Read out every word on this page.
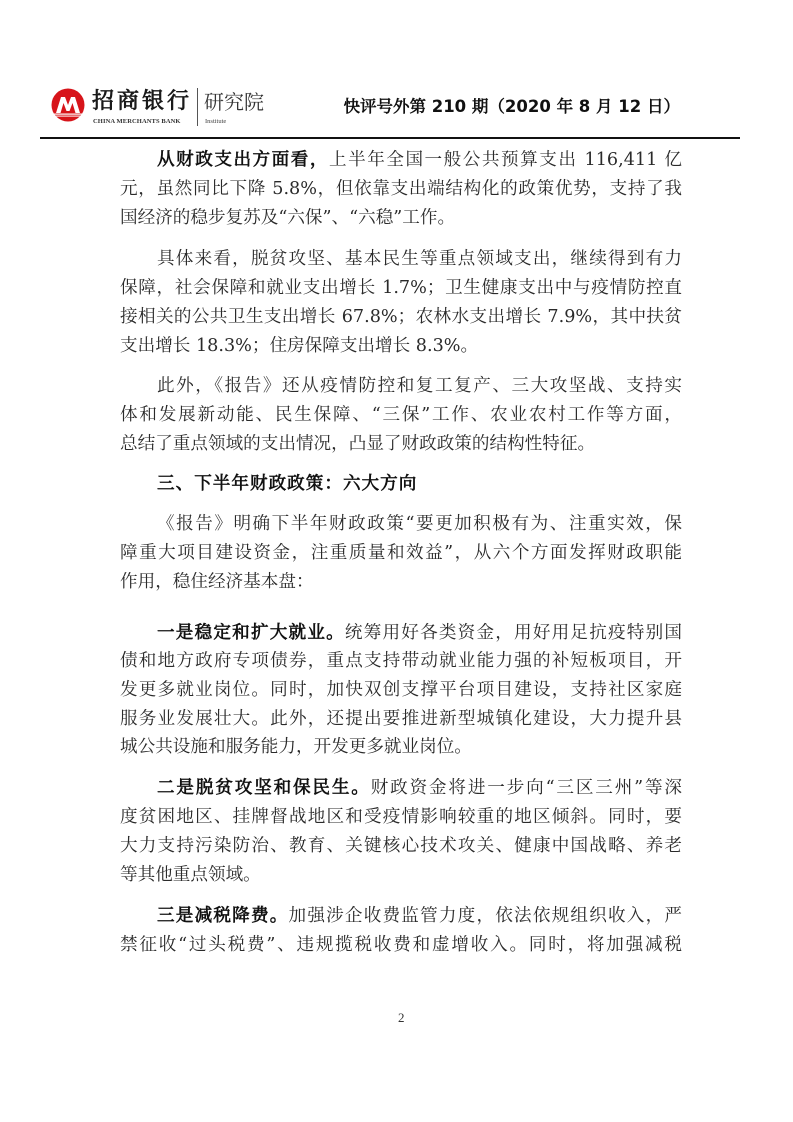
招商银行
CHINA MERCHANTS BANK
研究院
Institute
快评号外第 210 期（2020 年 8 月 12 日）
从财政支出方面看，上半年全国一般公共预算支出 116,411 亿
元，虽然同比下降 5.8%，但依靠支出端结构化的政策优势，支持了我
国经济的稳步复苏及“六保”、“六稳”工作。
具体来看，脱贫攻坚、基本民生等重点领域支出，继续得到有力
保障，社会保障和就业支出增长 1.7%；卫生健康支出中与疫情防控直
接相关的公共卫生支出增长 67.8%；农林水支出增长 7.9%，其中扶贫
支出增长 18.3%；住房保障支出增长 8.3%。
此外，《报告》还从疫情防控和复工复产、三大攻坚战、支持实
体和发展新动能、民生保障、“三保”工作、农业农村工作等方面，
总结了重点领域的支出情况，凸显了财政政策的结构性特征。
三、下半年财政政策：六大方向
《报告》明确下半年财政政策“要更加积极有为、注重实效，保
障重大项目建设资金，注重质量和效益”，从六个方面发挥财政职能
作用，稳住经济基本盘：
一是稳定和扩大就业。统筹用好各类资金，用好用足抗疫特别国
债和地方政府专项债券，重点支持带动就业能力强的补短板项目，开
发更多就业岗位。同时，加快双创支撑平台项目建设，支持社区家庭
服务业发展壮大。此外，还提出要推进新型城镇化建设，大力提升县
城公共设施和服务能力，开发更多就业岗位。
二是脱贫攻坚和保民生。财政资金将进一步向“三区三州”等深
度贫困地区、挂牌督战地区和受疫情影响较重的地区倾斜。同时，要
大力支持污染防治、教育、关键核心技术攻关、健康中国战略、养老
等其他重点领域。
三是减税降费。加强涉企收费监管力度，依法依规组织收入，严
禁征收“过头税费”、违规揽税收费和虚增收入。同时，将加强减税
2
